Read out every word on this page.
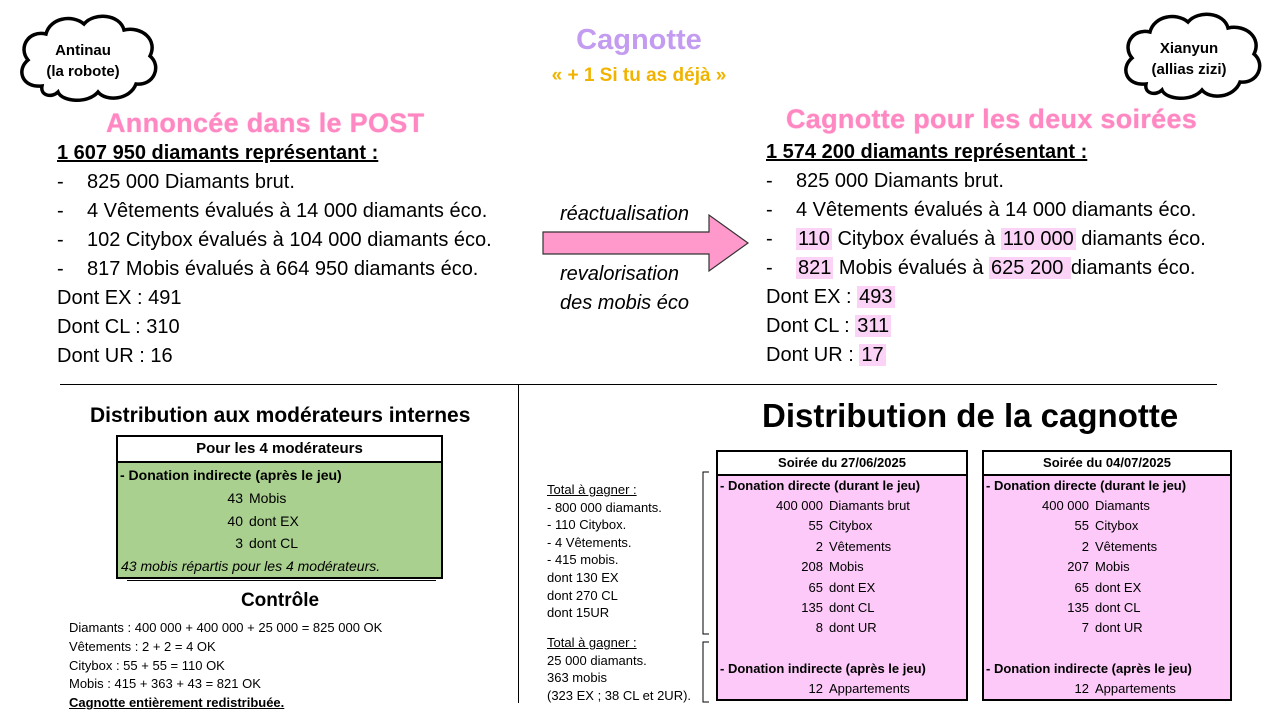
Antinau
(la robote)
Xianyun
(allias zizi)
Cagnotte
« + 1 Si tu as déjà »
Annoncée dans le POST
1 607 950 diamants représentant :
- 825 000 Diamants brut.
- 4 Vêtements évalués à 14 000 diamants éco.
- 102 Citybox évalués à 104 000 diamants éco.
- 817 Mobis évalués à 664 950 diamants éco.
Dont EX : 491
Dont CL : 310
Dont UR : 16
réactualisation
revalorisation
des mobis éco
Cagnotte pour les deux soirées
1 574 200 diamants représentant :
- 825 000 Diamants brut.
- 4 Vêtements évalués à 14 000 diamants éco.
- 110 Citybox évalués à 110 000 diamants éco.
- 821 Mobis évalués à 625 200 diamants éco.
Dont EX : 493
Dont CL : 311
Dont UR : 17
Distribution aux modérateurs internes
Pour les 4 modérateurs
- Donation indirecte (après le jeu)
43 Mobis
40 dont EX
3 dont CL
43 mobis répartis pour les 4 modérateurs.
Contrôle
Diamants : 400 000 + 400 000 + 25 000 = 825 000 OK
Vêtements : 2 + 2 = 4 OK
Citybox : 55 + 55 = 110 OK
Mobis : 415 + 363 + 43 = 821 OK
Cagnotte entièrement redistribuée.
Distribution de la cagnotte
Total à gagner :
- 800 000 diamants.
- 110 Citybox.
- 4 Vêtements.
- 415 mobis.
dont 130 EX
dont 270 CL
dont 15UR
Total à gagner :
25 000 diamants.
363 mobis
(323 EX ; 38 CL et 2UR).
Soirée du 27/06/2025
- Donation directe (durant le jeu)
400 000 Diamants brut
55 Citybox
2 Vêtements
208 Mobis
65 dont EX
135 dont CL
8 dont UR
- Donation indirecte (après le jeu)
12 Appartements
Soirée du 04/07/2025
- Donation directe (durant le jeu)
400 000 Diamants
55 Citybox
2 Vêtements
207 Mobis
65 dont EX
135 dont CL
7 dont UR
- Donation indirecte (après le jeu)
12 Appartements
